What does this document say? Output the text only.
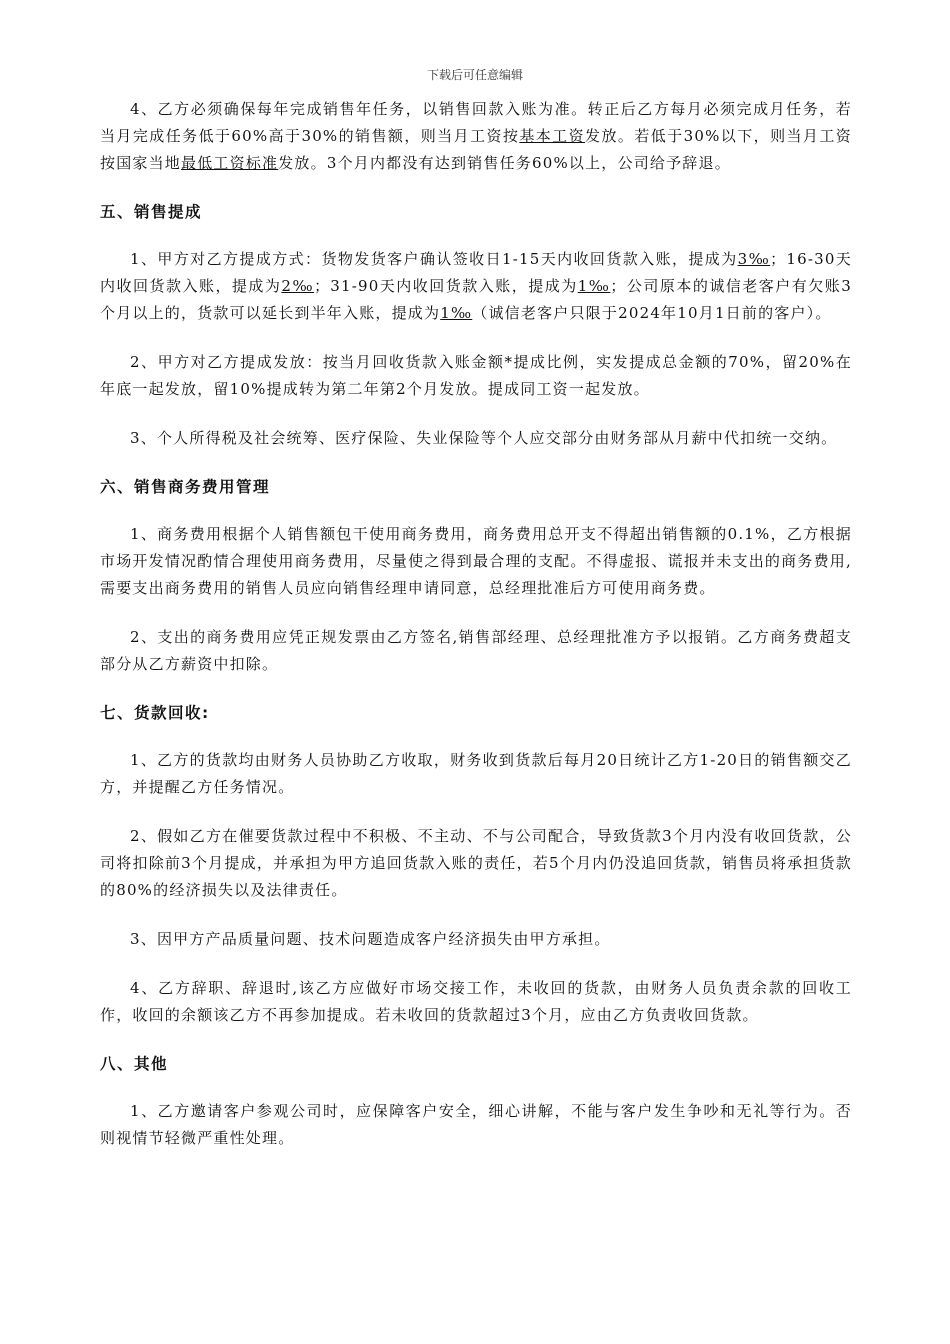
下载后可任意编辑

4、乙方必须确保每年完成销售年任务，以销售回款入账为准。转正后乙方每月必须完成月任务，若当月完成任务低于60%高于30%的销售额，则当月工资按基本工资发放。若低于30%以下，则当月工资按国家当地最低工资标准发放。3个月内都没有达到销售任务60%以上，公司给予辞退。

五、销售提成

1、甲方对乙方提成方式：货物发货客户确认签收日1-15天内收回货款入账，提成为3‰；16-30天内收回货款入账，提成为2‰；31-90天内收回货款入账，提成为1‰；公司原本的诚信老客户有欠账3个月以上的，货款可以延长到半年入账，提成为1‰（诚信老客户只限于2024年10月1日前的客户）。

2、甲方对乙方提成发放：按当月回收货款入账金额*提成比例，实发提成总金额的70%，留20%在年底一起发放，留10%提成转为第二年第2个月发放。提成同工资一起发放。

3、个人所得税及社会统筹、医疗保险、失业保险等个人应交部分由财务部从月薪中代扣统一交纳。

六、销售商务费用管理

1、商务费用根据个人销售额包干使用商务费用，商务费用总开支不得超出销售额的0.1%，乙方根据市场开发情况酌情合理使用商务费用，尽量使之得到最合理的支配。不得虚报、谎报并未支出的商务费用,需要支出商务费用的销售人员应向销售经理申请同意，总经理批准后方可使用商务费。

2、支出的商务费用应凭正规发票由乙方签名,销售部经理、总经理批准方予以报销。乙方商务费超支部分从乙方薪资中扣除。

七、货款回收:

1、乙方的货款均由财务人员协助乙方收取，财务收到货款后每月20日统计乙方1-20日的销售额交乙方，并提醒乙方任务情况。

2、假如乙方在催要货款过程中不积极、不主动、不与公司配合，导致货款3个月内没有收回货款，公司将扣除前3个月提成，并承担为甲方追回货款入账的责任，若5个月内仍没追回货款，销售员将承担货款的80%的经济损失以及法律责任。

3、因甲方产品质量问题、技术问题造成客户经济损失由甲方承担。

4、乙方辞职、辞退时,该乙方应做好市场交接工作，未收回的货款，由财务人员负责余款的回收工作，收回的余额该乙方不再参加提成。若未收回的货款超过3个月，应由乙方负责收回货款。

八、其他

1、乙方邀请客户参观公司时，应保障客户安全，细心讲解，不能与客户发生争吵和无礼等行为。否则视情节轻微严重性处理。
